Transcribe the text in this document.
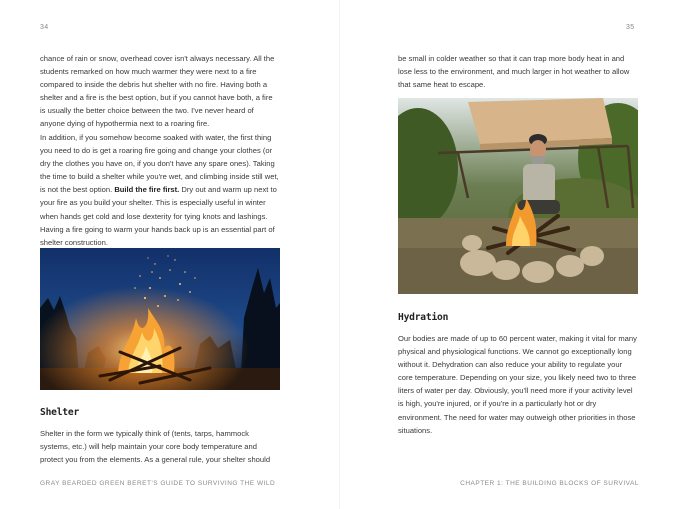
34

chance of rain or snow, overhead cover isn't always necessary. All the students remarked on how much warmer they were next to a fire compared to inside the debris hut shelter with no fire. Having both a shelter and a fire is the best option, but if you cannot have both, a fire is usually the better choice between the two. I've never heard of anyone dying of hypothermia next to a roaring fire.

In addition, if you somehow become soaked with water, the first thing you need to do is get a roaring fire going and change your clothes (or dry the clothes you have on, if you don't have any spare ones). Taking the time to build a shelter while you're wet, and climbing inside still wet, is not the best option. Build the fire first. Dry out and warm up next to your fire as you build your shelter. This is especially useful in winter when hands get cold and lose dexterity for tying knots and lashings. Having a fire going to warm your hands back up is an essential part of shelter construction.

Shelter

Shelter in the form we typically think of (tents, tarps, hammock systems, etc.) will help maintain your core body temperature and protect you from the elements. As a general rule, your shelter should

GRAY BEARDED GREEN BERET'S GUIDE TO SURVIVING THE WILD
35

be small in colder weather so that it can trap more body heat in and lose less to the environment, and much larger in hot weather to allow that same heat to escape.

Hydration

Our bodies are made of up to 60 percent water, making it vital for many physical and physiological functions. We cannot go exceptionally long without it. Dehydration can also reduce your ability to regulate your core temperature. Depending on your size, you likely need two to three liters of water per day. Obviously, you'll need more if your activity level is high, you're injured, or if you're in a particularly hot or dry environment. The need for water may outweigh other priorities in those situations.

CHAPTER 1: THE BUILDING BLOCKS OF SURVIVAL
